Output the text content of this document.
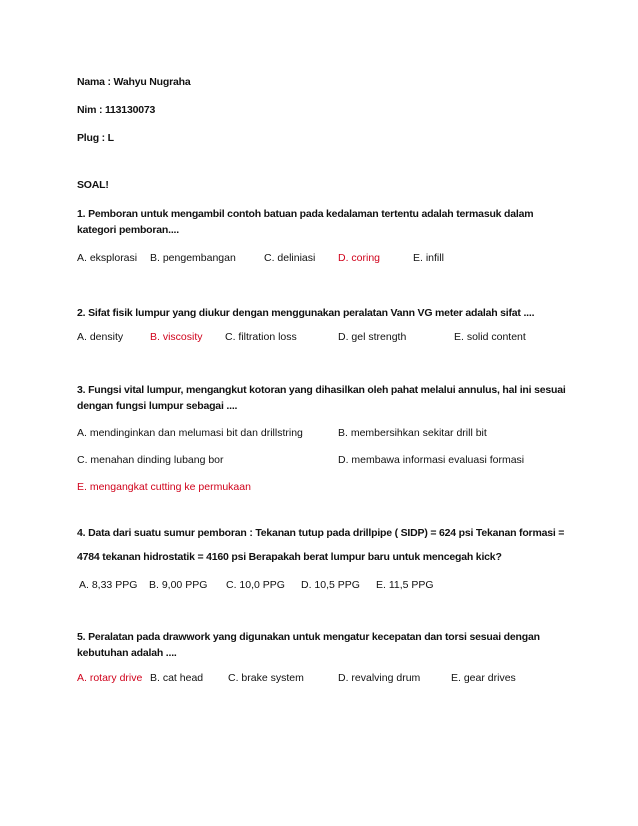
Nama : Wahyu Nugraha
Nim : 113130073
Plug : L
SOAL!
1. Pemboran untuk mengambil contoh batuan pada kedalaman tertentu adalah termasuk dalam
kategori pemboran....
A. eksplorasi B. pengembangan	C. deliniasi D. coring	E. infill
2. Sifat fisik lumpur yang diukur dengan menggunakan peralatan Vann VG meter adalah sifat ....
A. density	B. viscosity C. filtration loss	D. gel strength	E. solid content
3. Fungsi vital lumpur, mengangkut kotoran yang dihasilkan oleh pahat melalui annulus, hal ini sesuai
dengan fungsi lumpur sebagai ....
A. mendinginkan dan melumasi bit dan drillstring	B. membersihkan sekitar drill bit
C. menahan dinding lubang bor	D. membawa informasi evaluasi formasi
E. mengangkat cutting ke permukaan
4. Data dari suatu sumur pemboran : Tekanan tutup pada drillpipe ( SIDP) = 624 psi Tekanan formasi =
4784 tekanan hidrostatik = 4160 psi Berapakah berat lumpur baru untuk mencegah kick?
A. 8,33 PPG B. 9,00 PPG C. 10,0 PPG D. 10,5 PPG E. 11,5 PPG
5. Peralatan pada drawwork yang digunakan untuk mengatur kecepatan dan torsi sesuai dengan
kebutuhan adalah ....
A. rotary drive B. cat head C. brake system	D. revalving drum	E. gear drives
